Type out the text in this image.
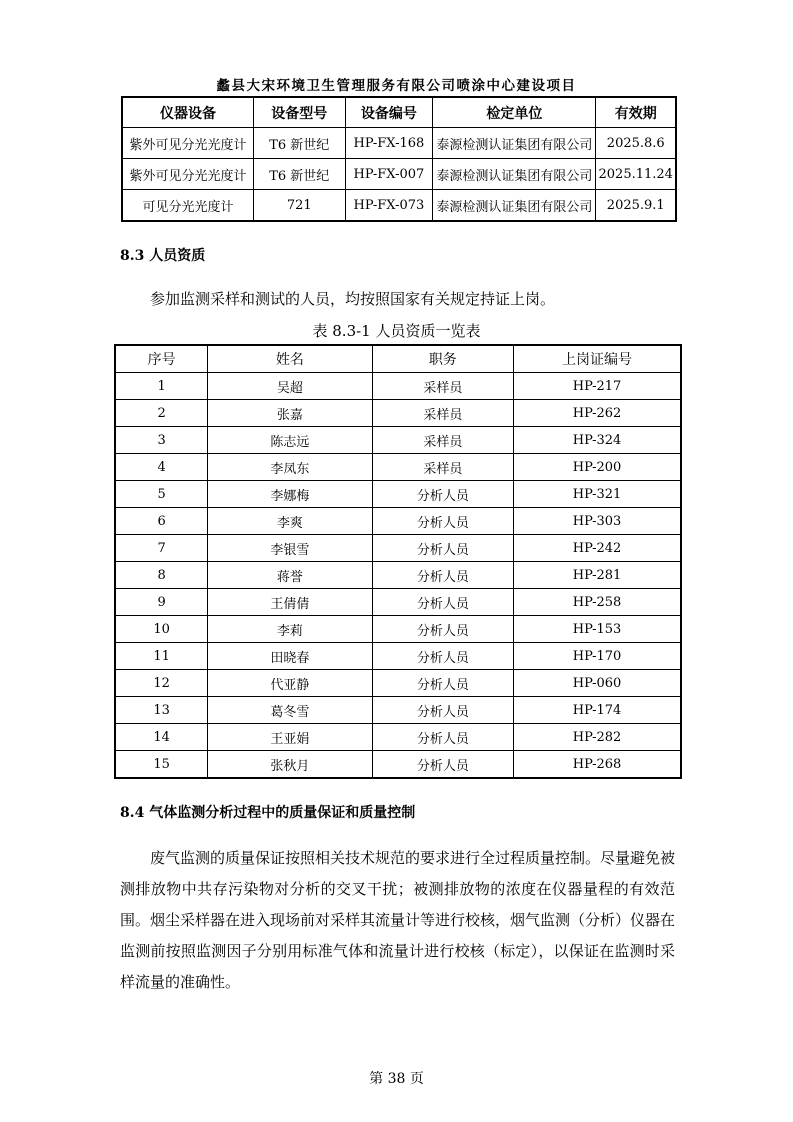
蠡县大宋环境卫生管理服务有限公司喷涂中心建设项目
仪器设备	设备型号	设备编号	检定单位	有效期
紫外可见分光光度计	T6 新世纪	HP-FX-168	泰源检测认证集团有限公司	2025.8.6
紫外可见分光光度计	T6 新世纪	HP-FX-007	泰源检测认证集团有限公司	2025.11.24
可见分光光度计	721	HP-FX-073	泰源检测认证集团有限公司	2025.9.1
8.3 人员资质
参加监测采样和测试的人员，均按照国家有关规定持证上岗。
表 8.3-1 人员资质一览表
序号	姓名	职务	上岗证编号
1	吴超	采样员	HP-217
2	张嘉	采样员	HP-262
3	陈志远	采样员	HP-324
4	李凤东	采样员	HP-200
5	李娜梅	分析人员	HP-321
6	李爽	分析人员	HP-303
7	李银雪	分析人员	HP-242
8	蒋誉	分析人员	HP-281
9	王倩倩	分析人员	HP-258
10	李莉	分析人员	HP-153
11	田晓春	分析人员	HP-170
12	代亚静	分析人员	HP-060
13	葛冬雪	分析人员	HP-174
14	王亚娟	分析人员	HP-282
15	张秋月	分析人员	HP-268
8.4 气体监测分析过程中的质量保证和质量控制
废气监测的质量保证按照相关技术规范的要求进行全过程质量控制。尽量避免被测排放物中共存污染物对分析的交叉干扰；被测排放物的浓度在仪器量程的有效范围。烟尘采样器在进入现场前对采样其流量计等进行校核，烟气监测（分析）仪器在监测前按照监测因子分别用标准气体和流量计进行校核（标定），以保证在监测时采样流量的准确性。
第 38 页
